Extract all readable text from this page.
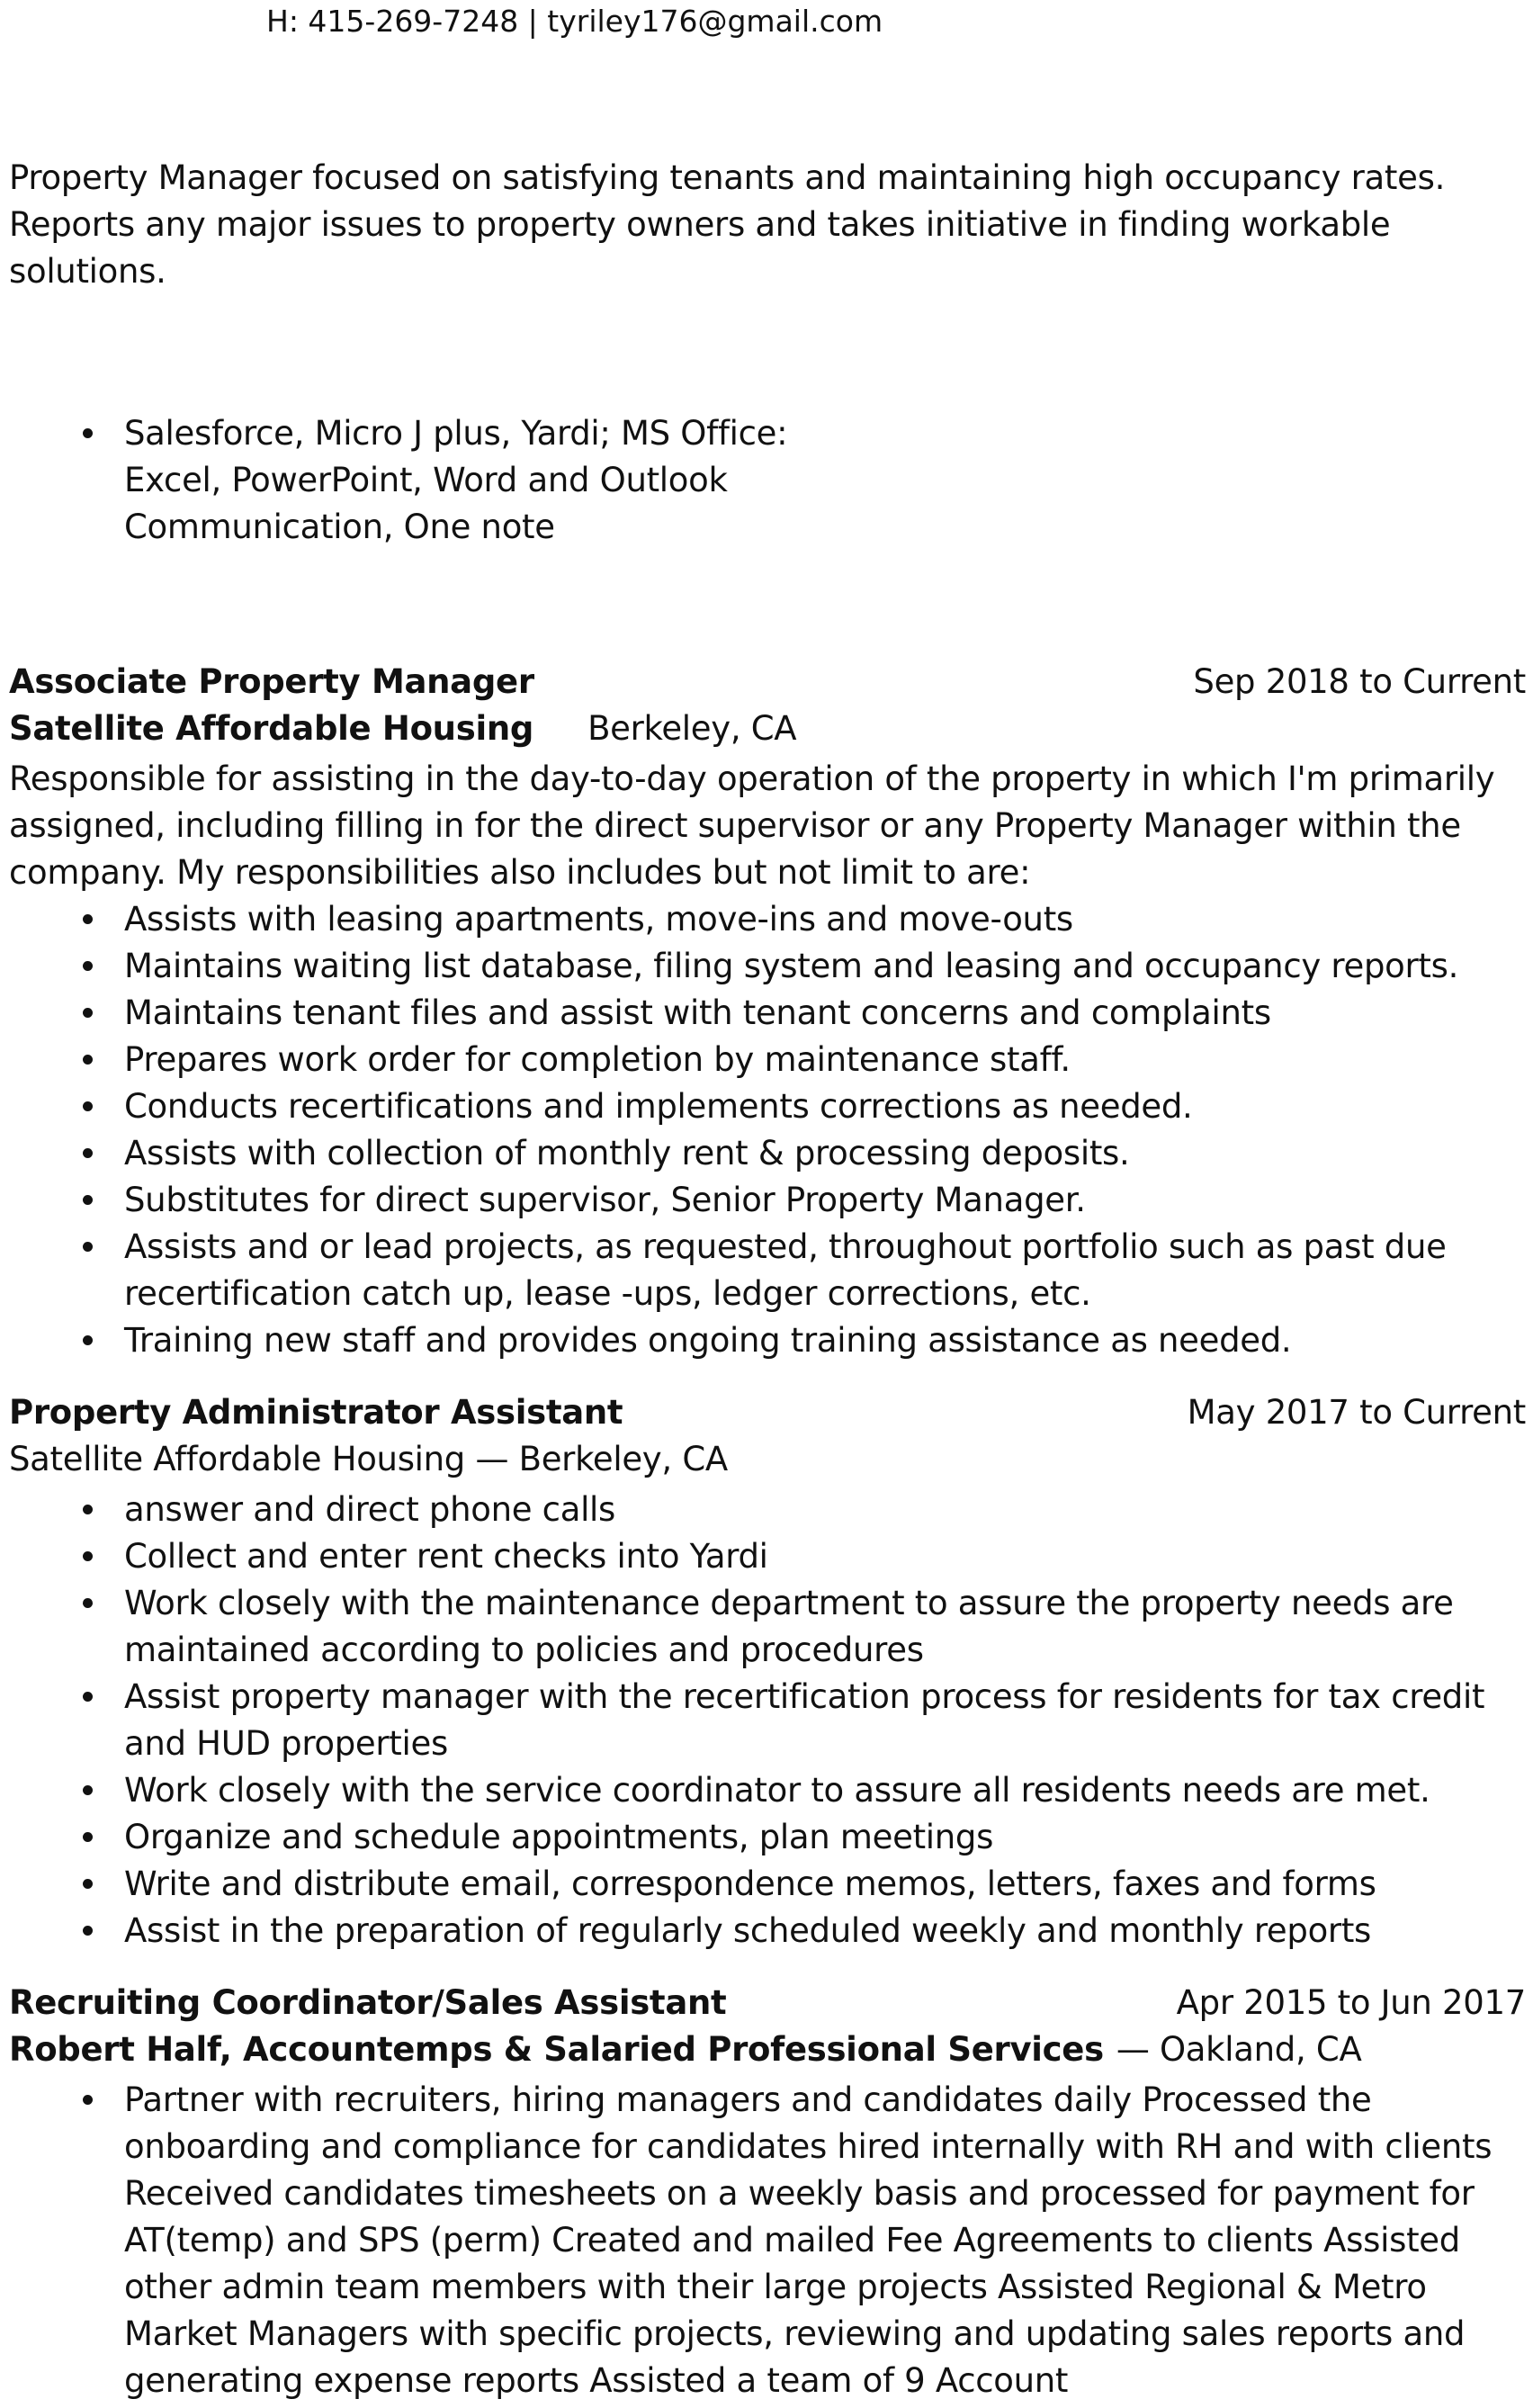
H: 415-269-7248 | tyriley176@gmail.com
Property Manager focused on satisfying tenants and maintaining high occupancy rates. Reports any major issues to property owners and takes initiative in finding workable solutions.
Salesforce, Micro J plus, Yardi; MS Office: Excel, PowerPoint, Word and Outlook Communication, One note
Associate Property Manager	Sep 2018 to Current
Satellite Affordable Housing Berkeley, CA
Responsible for assisting in the day-to-day operation of the property in which I'm primarily assigned, including filling in for the direct supervisor or any Property Manager within the company. My responsibilities also includes but not limit to are:
Assists with leasing apartments, move-ins and move-outs
Maintains waiting list database, filing system and leasing and occupancy reports.
Maintains tenant files and assist with tenant concerns and complaints
Prepares work order for completion by maintenance staff.
Conducts recertifications and implements corrections as needed.
Assists with collection of monthly rent & processing deposits.
Substitutes for direct supervisor, Senior Property Manager.
Assists and or lead projects, as requested, throughout portfolio such as past due recertification catch up, lease -ups, ledger corrections, etc.
Training new staff and provides ongoing training assistance as needed.
Property Administrator Assistant	May 2017 to Current
Satellite Affordable Housing — Berkeley, CA
answer and direct phone calls
Collect and enter rent checks into Yardi
Work closely with the maintenance department to assure the property needs are maintained according to policies and procedures
Assist property manager with the recertification process for residents for tax credit and HUD properties
Work closely with the service coordinator to assure all residents needs are met.
Organize and schedule appointments, plan meetings
Write and distribute email, correspondence memos, letters, faxes and forms
Assist in the preparation of regularly scheduled weekly and monthly reports
Recruiting Coordinator/Sales Assistant	Apr 2015 to Jun 2017
Robert Half, Accountemps & Salaried Professional Services — Oakland, CA
Partner with recruiters, hiring managers and candidates daily Processed the onboarding and compliance for candidates hired internally with RH and with clients Received candidates timesheets on a weekly basis and processed for payment for AT(temp) and SPS (perm) Created and mailed Fee Agreements to clients Assisted other admin team members with their large projects Assisted Regional & Metro Market Managers with specific projects, reviewing and updating sales reports and generating expense reports Assisted a team of 9 Account
